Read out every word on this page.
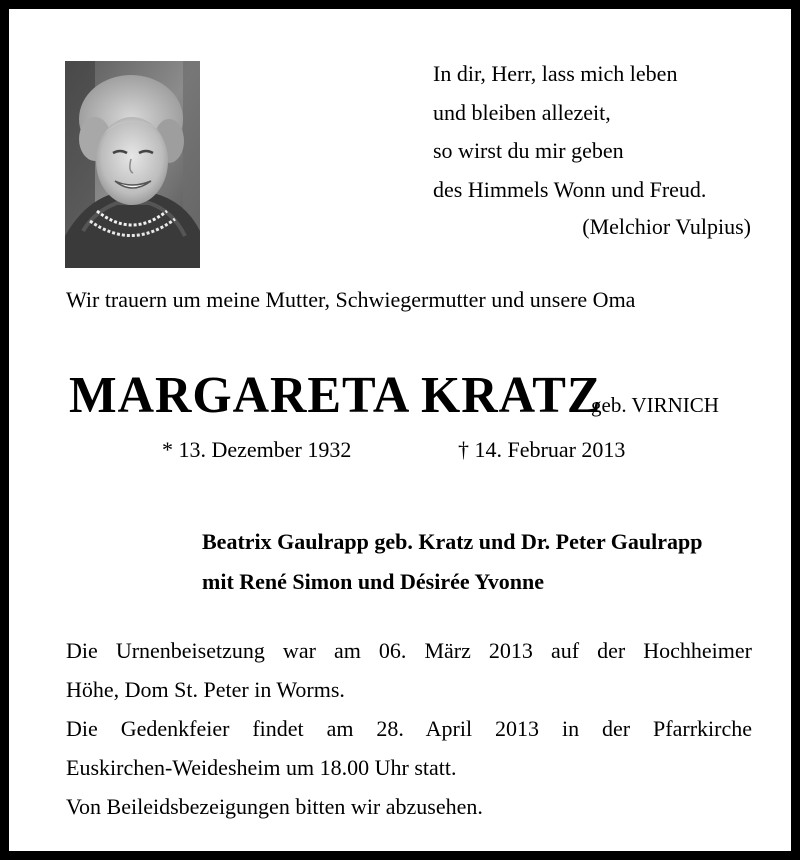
In dir, Herr, lass mich leben
und bleiben allezeit,
so wirst du mir geben
des Himmels Wonn und Freud.
(Melchior Vulpius)
Wir trauern um meine Mutter, Schwiegermutter und unsere Oma
MARGARETA KRATZ
geb. VIRNICH
* 13. Dezember 1932	† 14. Februar 2013
Beatrix Gaulrapp geb. Kratz und Dr. Peter Gaulrapp
mit René Simon und Désirée Yvonne
Die Urnenbeisetzung war am 06. März 2013 auf der Hochheimer
Höhe, Dom St. Peter in Worms.
Die Gedenkfeier findet am 28. April 2013 in der Pfarrkirche
Euskirchen-Weidesheim um 18.00 Uhr statt.
Von Beileidsbezeigungen bitten wir abzusehen.
